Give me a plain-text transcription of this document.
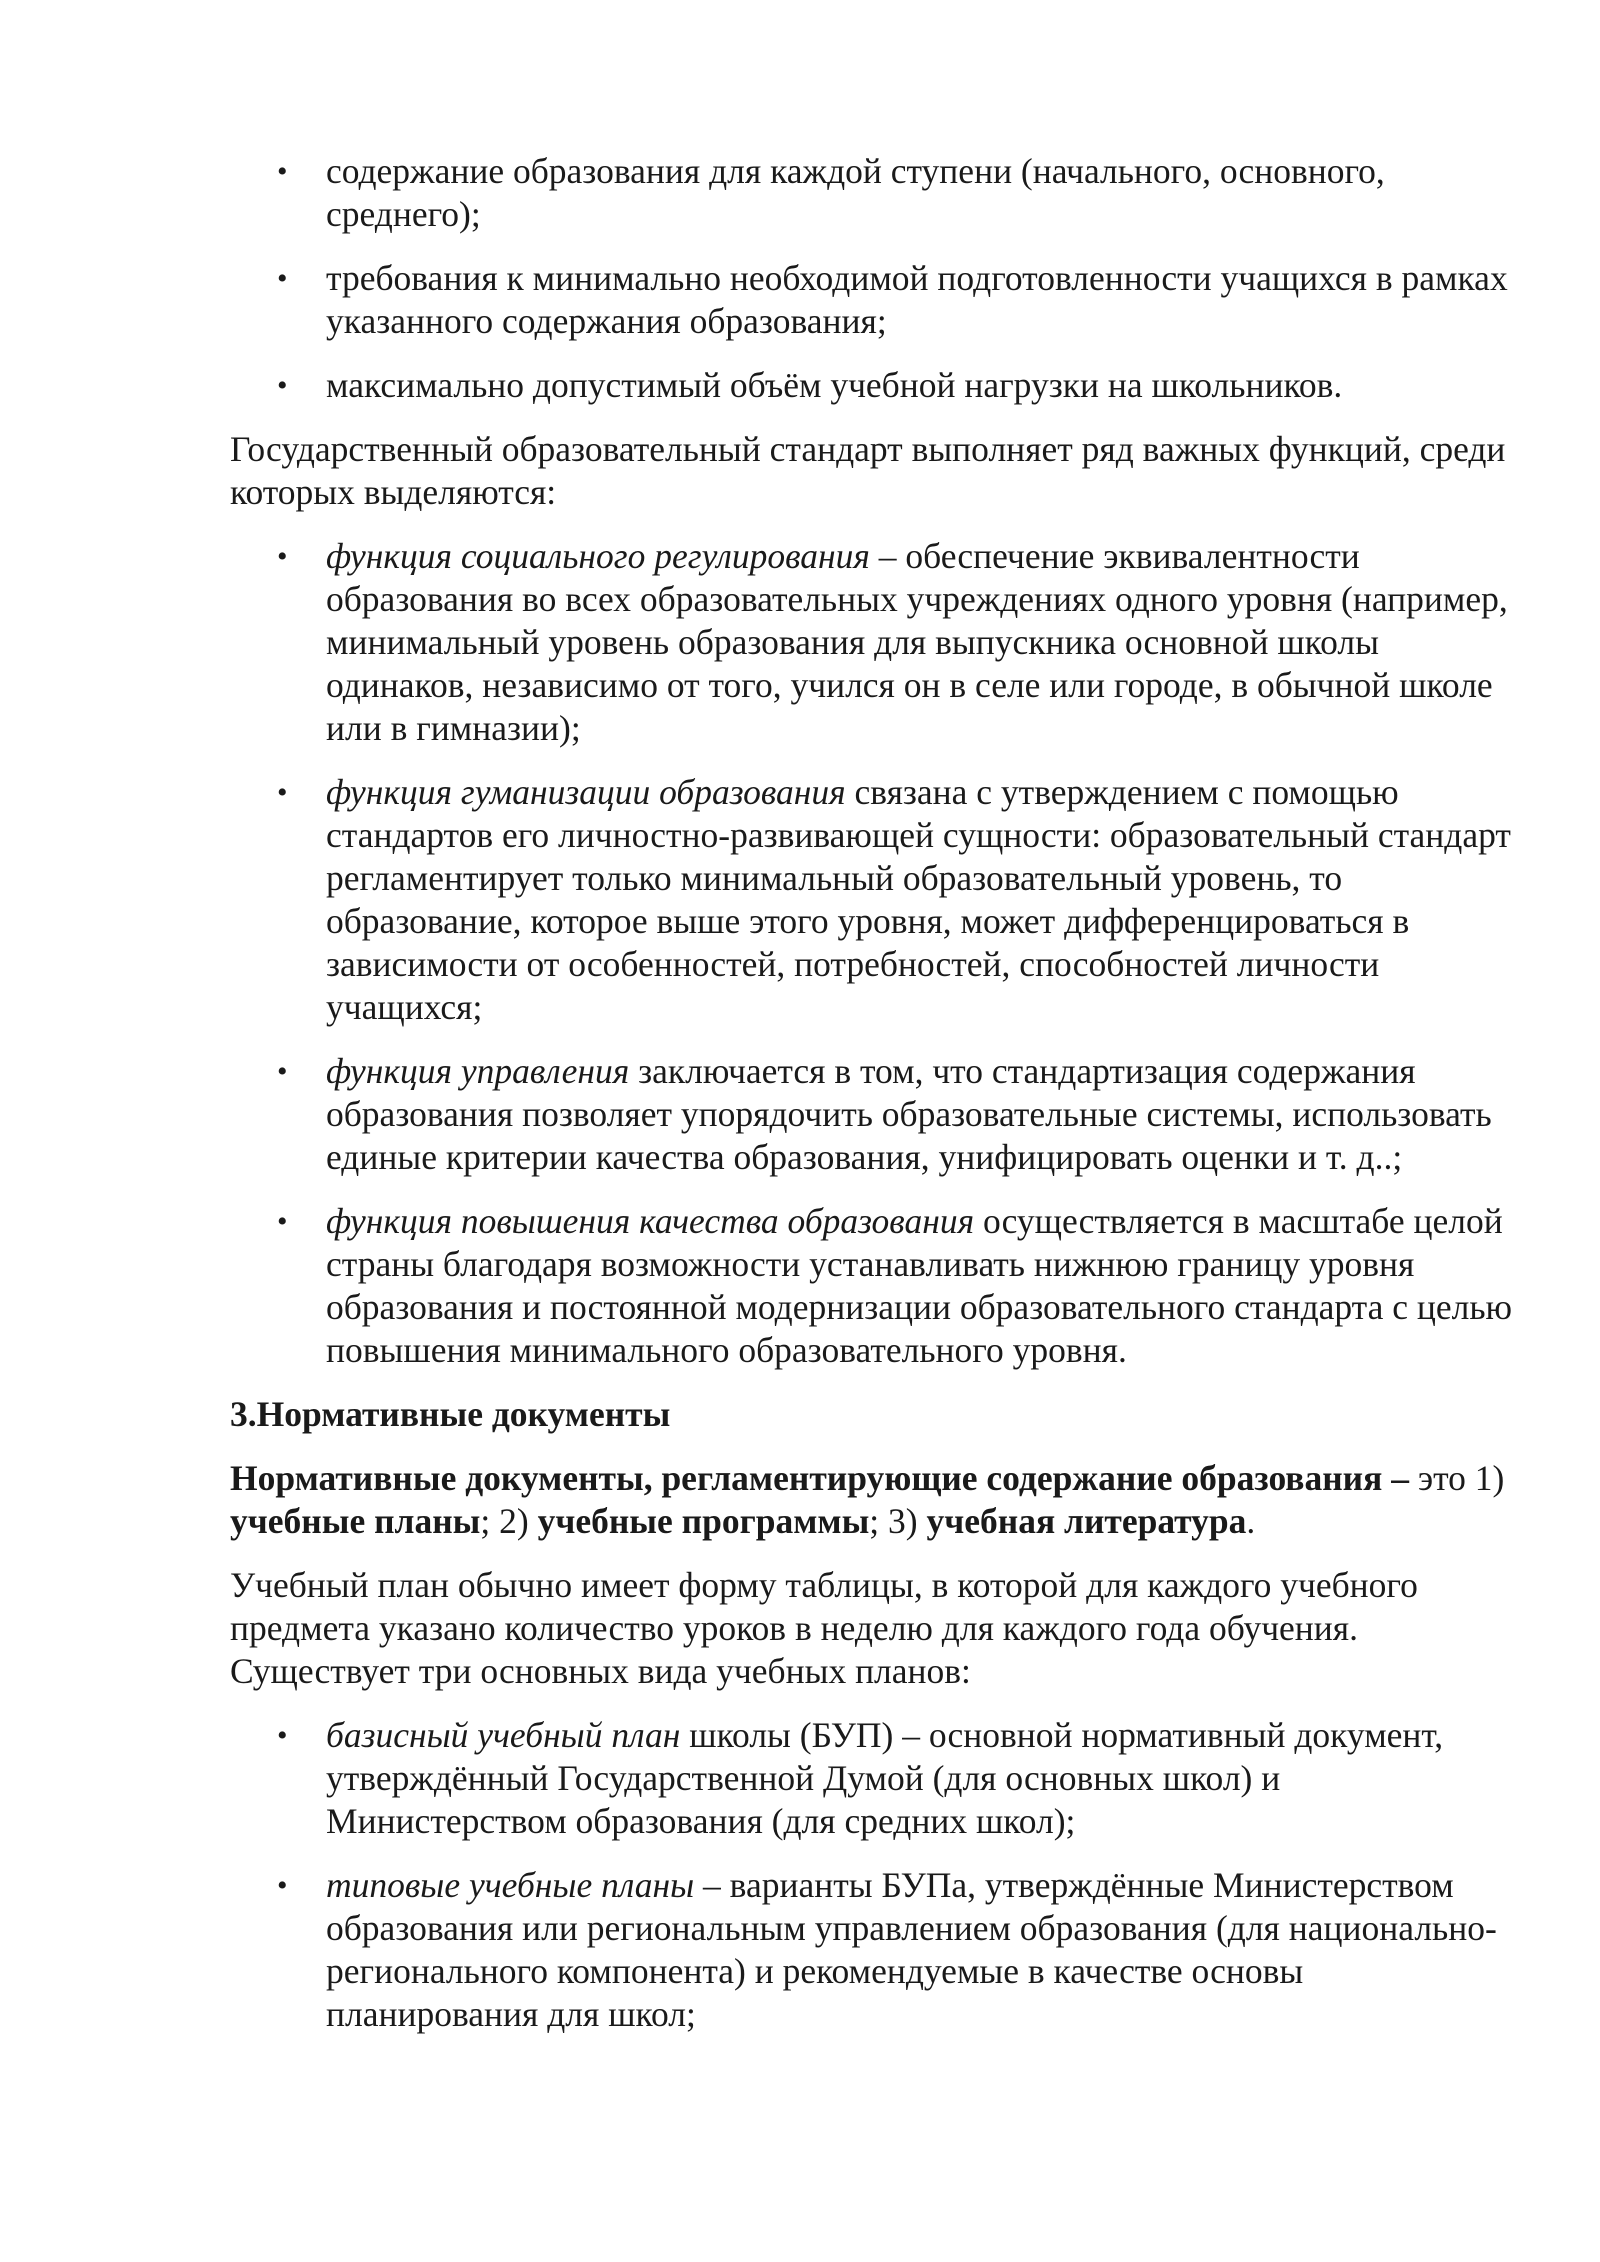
• содержание образования для каждой ступени (начального, основного, среднего);
• требования к минимально необходимой подготовленности учащихся в рамках указанного содержания образования;
• максимально допустимый объём учебной нагрузки на школьников.

Государственный образовательный стандарт выполняет ряд важных функций, среди которых выделяются:

• функция социального регулирования – обеспечение эквивалентности образования во всех образовательных учреждениях одного уровня (например, минимальный уровень образования для выпускника основной школы одинаков, независимо от того, учился он в селе или городе, в обычной школе или в гимназии);
• функция гуманизации образования связана с утверждением с помощью стандартов его личностно-развивающей сущности: образовательный стандарт регламентирует только минимальный образовательный уровень, то образование, которое выше этого уровня, может дифференцироваться в зависимости от особенностей, потребностей, способностей личности учащихся;
• функция управления заключается в том, что стандартизация содержания образования позволяет упорядочить образовательные системы, использовать единые критерии качества образования, унифицировать оценки и т. д..;
• функция повышения качества образования осуществляется в масштабе целой страны благодаря возможности устанавливать нижнюю границу уровня образования и постоянной модернизации образовательного стандарта с целью повышения минимального образовательного уровня.
3.Нормативные документы

Нормативные документы, регламентирующие содержание образования – это 1) учебные планы; 2) учебные программы; 3) учебная литература.

Учебный план обычно имеет форму таблицы, в которой для каждого учебного предмета указано количество уроков в неделю для каждого года обучения. Существует три основных вида учебных планов:

• базисный учебный план школы (БУП) – основной нормативный документ, утверждённый Государственной Думой (для основных школ) и Министерством образования (для средних школ);
• типовые учебные планы – варианты БУПа, утверждённые Министерством образования или региональным управлением образования (для национально-регионального компонента) и рекомендуемые в качестве основы планирования для школ;
